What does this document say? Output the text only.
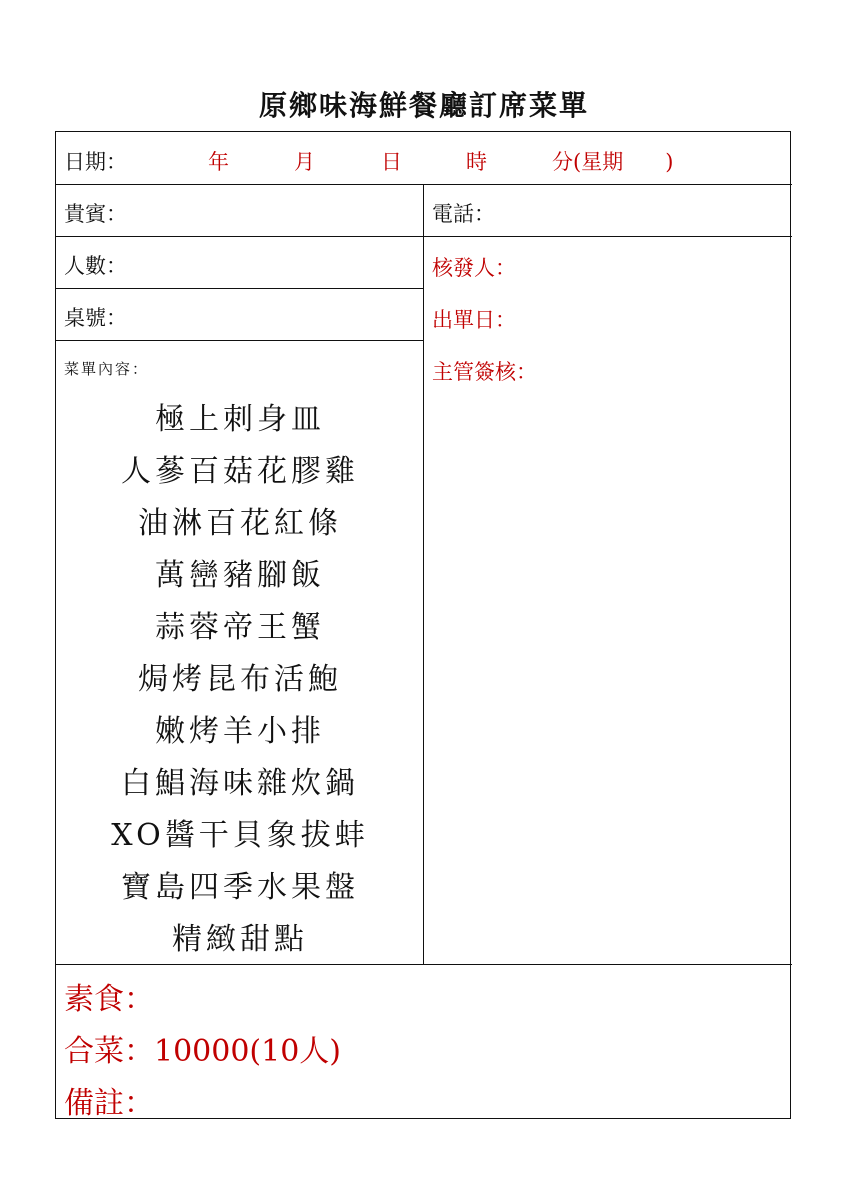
原鄉味海鮮餐廳訂席菜單
日期：	年	月	日	時	分(星期　　)
貴賓：	電話：
人數：
桌號：
核發人：
出單日：
主管簽核：
菜單內容：
極上刺身皿
人蔘百菇花膠雞
油淋百花紅條
萬巒豬腳飯
蒜蓉帝王蟹
焗烤昆布活鮑
嫩烤羊小排
白鯧海味雜炊鍋
XO醬干貝象拔蚌
寶島四季水果盤
精緻甜點
素食：
合菜：10000(10人)
備註：
